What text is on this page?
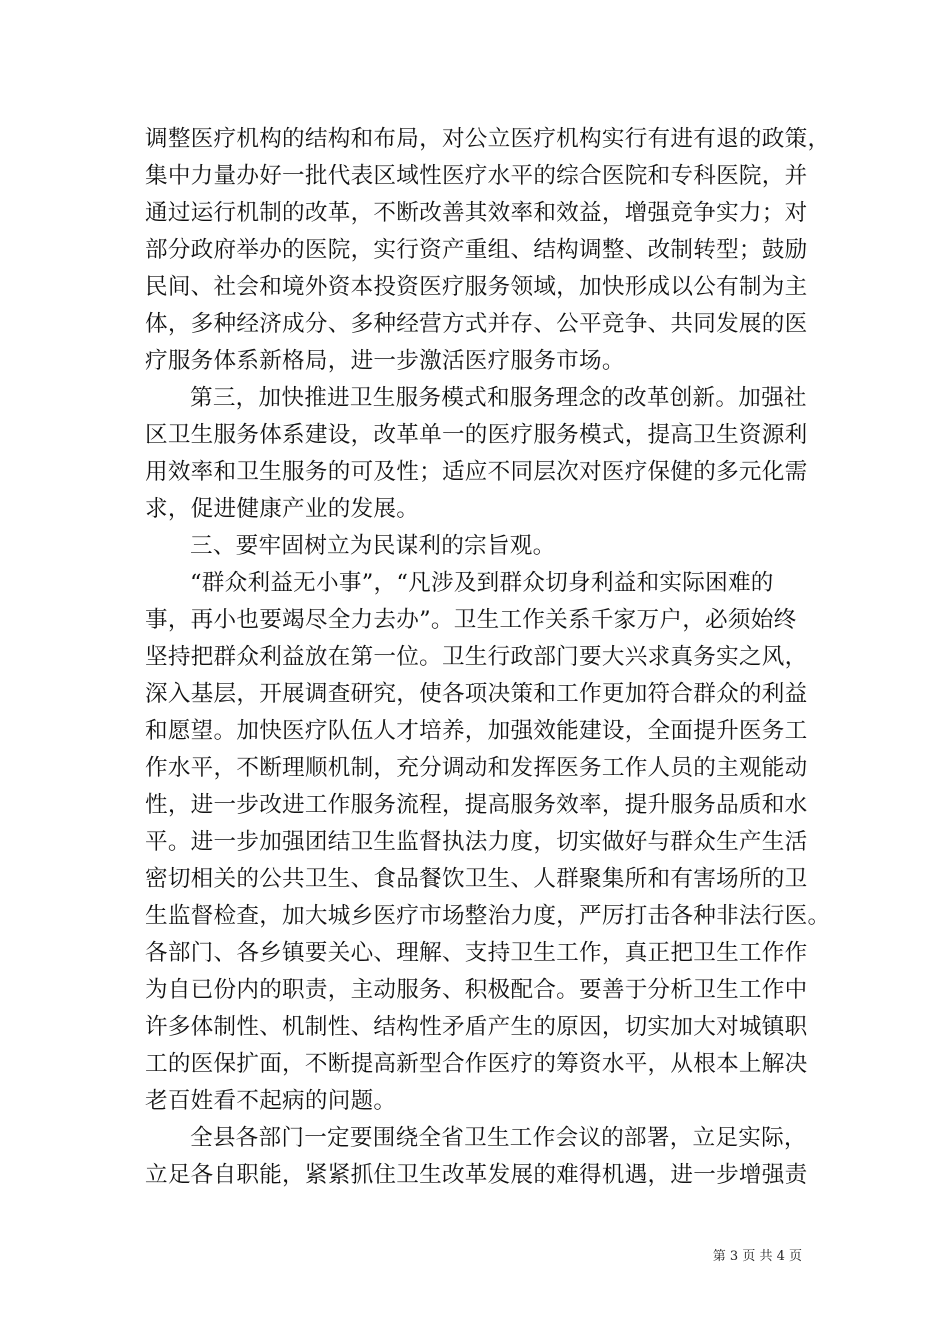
调整医疗机构的结构和布局，对公立医疗机构实行有进有退的政策，
集中力量办好一批代表区域性医疗水平的综合医院和专科医院，并
通过运行机制的改革，不断改善其效率和效益，增强竞争实力；对
部分政府举办的医院，实行资产重组、结构调整、改制转型；鼓励
民间、社会和境外资本投资医疗服务领域，加快形成以公有制为主
体，多种经济成分、多种经营方式并存、公平竞争、共同发展的医
疗服务体系新格局，进一步激活医疗服务市场。
第三，加快推进卫生服务模式和服务理念的改革创新。加强社
区卫生服务体系建设，改革单一的医疗服务模式，提高卫生资源利
用效率和卫生服务的可及性；适应不同层次对医疗保健的多元化需
求，促进健康产业的发展。
三、要牢固树立为民谋利的宗旨观。
“群众利益无小事”，“凡涉及到群众切身利益和实际困难的
事，再小也要竭尽全力去办”。卫生工作关系千家万户，必须始终
坚持把群众利益放在第一位。卫生行政部门要大兴求真务实之风，
深入基层，开展调查研究，使各项决策和工作更加符合群众的利益
和愿望。加快医疗队伍人才培养，加强效能建设，全面提升医务工
作水平，不断理顺机制，充分调动和发挥医务工作人员的主观能动
性，进一步改进工作服务流程，提高服务效率，提升服务品质和水
平。进一步加强团结卫生监督执法力度，切实做好与群众生产生活
密切相关的公共卫生、食品餐饮卫生、人群聚集所和有害场所的卫
生监督检查，加大城乡医疗市场整治力度，严厉打击各种非法行医。
各部门、各乡镇要关心、理解、支持卫生工作，真正把卫生工作作
为自已份内的职责，主动服务、积极配合。要善于分析卫生工作中
许多体制性、机制性、结构性矛盾产生的原因，切实加大对城镇职
工的医保扩面，不断提高新型合作医疗的筹资水平，从根本上解决
老百姓看不起病的问题。
全县各部门一定要围绕全省卫生工作会议的部署，立足实际，
立足各自职能，紧紧抓住卫生改革发展的难得机遇，进一步增强责
第 3 页 共 4 页
